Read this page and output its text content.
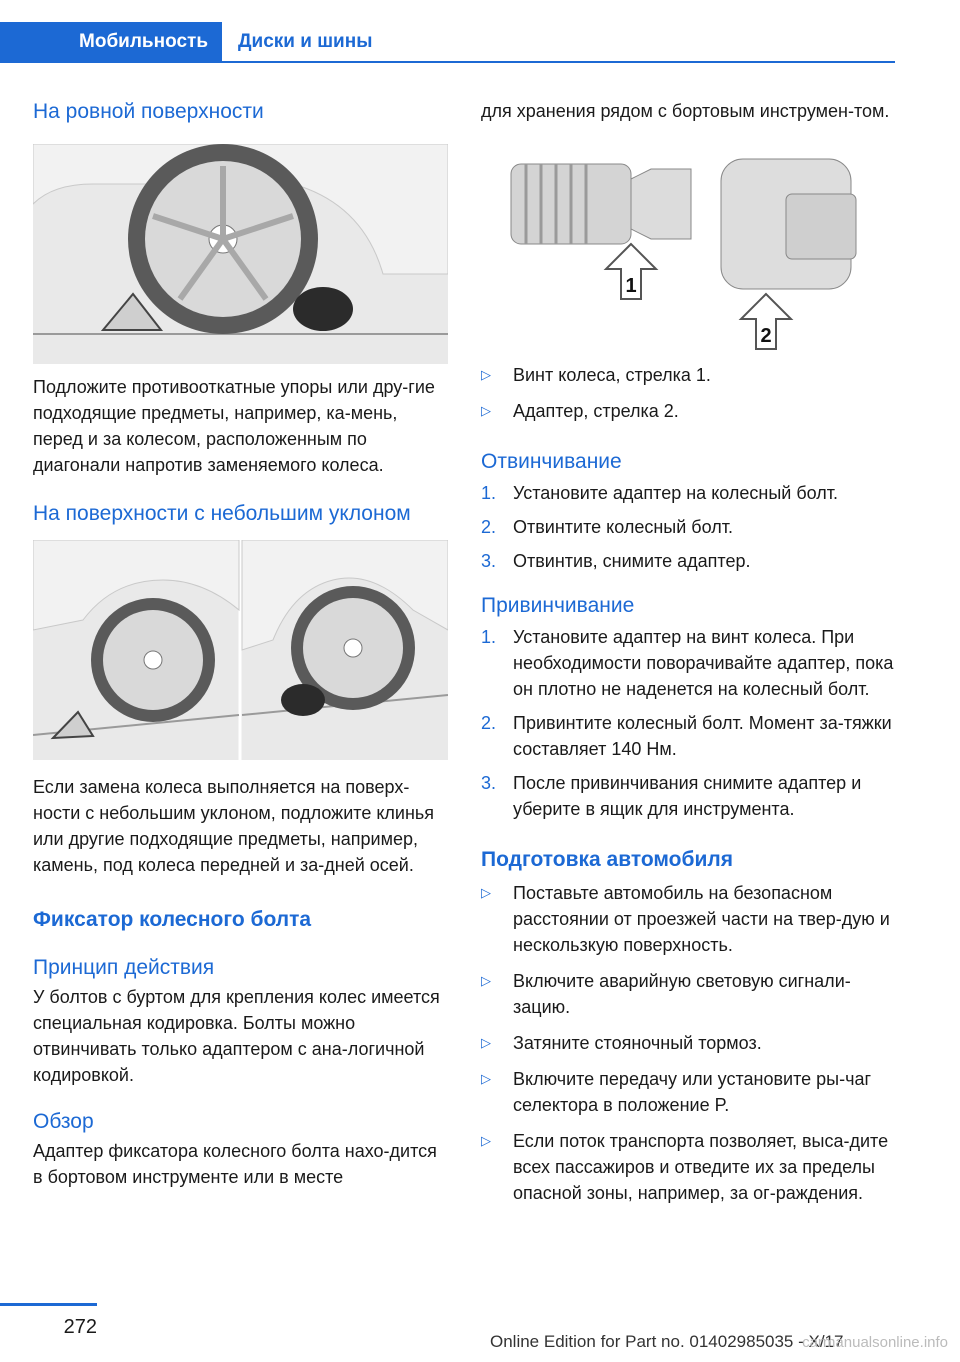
Мобильность	Диски и шины
На ровной поверхности

Подложите противооткатные упоры или дру-гие подходящие предметы, например, ка-мень, перед и за колесом, расположенным по диагонали напротив заменяемого колеса.

На поверхности с небольшим уклоном

Если замена колеса выполняется на поверх-ности с небольшим уклоном, подложите клинья или другие подходящие предметы, например, камень, под колеса передней и за-дней осей.

Фиксатор колесного болта
Принцип действия

У болтов с буртом для крепления колес имеется специальная кодировка. Болты можно отвинчивать только адаптером с ана-логичной кодировкой.

Обзор

Адаптер фиксатора колесного болта нахо-дится в бортовом инструменте или в месте

для хранения рядом с бортовым инструмен-том.

1
2
▷ Винт колеса, стрелка 1.
▷ Адаптер, стрелка 2.
Отвинчивание
1. Установите адаптер на колесный болт.
2. Отвинтите колесный болт.
3. Отвинтив, снимите адаптер.
Привинчивание
1. Установите адаптер на винт колеса. При необходимости поворачивайте адаптер, пока он плотно не наденется на колесный болт.
2. Привинтите колесный болт. Момент за-тяжки составляет 140 Нм.
3. После привинчивания снимите адаптер и уберите в ящик для инструмента.
Подготовка автомобиля
▷ Поставьте автомобиль на безопасном расстоянии от проезжей части на твер-дую и нескользкую поверхность.
▷ Включите аварийную световую сигнали-зацию.
▷ Затяните стояночный тормоз.
▷ Включите передачу или установите ры-чаг селектора в положение P.
▷ Если поток транспорта позволяет, выса-дите всех пассажиров и отведите их за пределы опасной зоны, например, за ог-раждения.
272
Online Edition for Part no. 01402985035 - X/17
carmanualsonline.info
